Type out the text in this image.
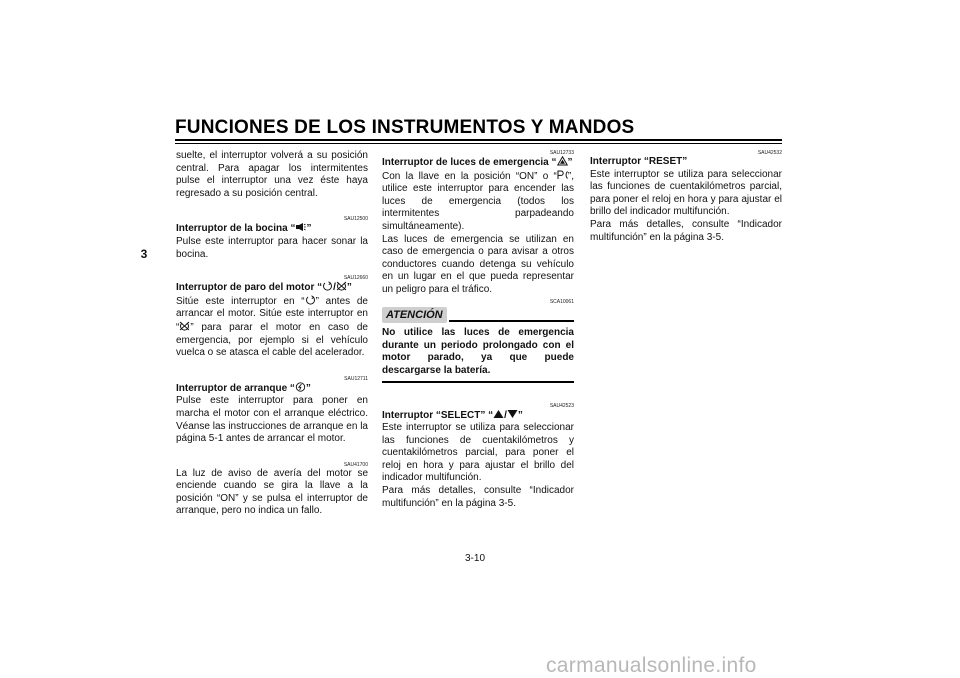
FUNCIONES DE LOS INSTRUMENTOS Y MANDOS
3

suelte, el interruptor volverá a su posición central. Para apagar los intermitentes pulse el interruptor una vez éste haya regresado a su posición central.

SAU12500
Interruptor de la bocina “ ”

Pulse este interruptor para hacer sonar la bocina.

SAU12660
Interruptor de paro del motor “ / ”

Sitúe este interruptor en “ ” antes de arrancar el motor. Sitúe este interruptor en “ ” para parar el motor en caso de emergencia, por ejemplo si el vehículo vuelca o se atasca el cable del acelerador.

SAU12711
Interruptor de arranque “ ”

Pulse este interruptor para poner en marcha el motor con el arranque eléctrico. Véanse las instrucciones de arranque en la página 5-1 antes de arrancar el motor.

SAU41700

La luz de aviso de avería del motor se enciende cuando se gira la llave a la posición “ON” y se pulsa el interruptor de arranque, pero no indica un fallo.

SAU12733
Interruptor de luces de emergencia “ ”

Con la llave en la posición “ON” o “ ”, utilice este interruptor para encender las luces de emergencia (todos los intermitentes parpadeando simultáneamente).

Las luces de emergencia se utilizan en caso de emergencia o para avisar a otros conductores cuando detenga su vehículo en un lugar en el que pueda representar un peligro para el tráfico.

SCA10061
ATENCIÓN

No utilice las luces de emergencia durante un periodo prolongado con el motor parado, ya que puede descargarse la batería.

SAU42523
Interruptor “SELECT” “ / ”

Este interruptor se utiliza para seleccionar las funciones de cuentakilómetros y cuentakilómetros parcial, para poner el reloj en hora y para ajustar el brillo del indicador multifunción.

Para más detalles, consulte “Indicador multifunción” en la página 3-5.

SAU42532
Interruptor “RESET”

Este interruptor se utiliza para seleccionar las funciones de cuentakilómetros parcial, para poner el reloj en hora y para ajustar el brillo del indicador multifunción.

Para más detalles, consulte “Indicador multifunción” en la página 3-5.

3-10
carmanualsonline.info
